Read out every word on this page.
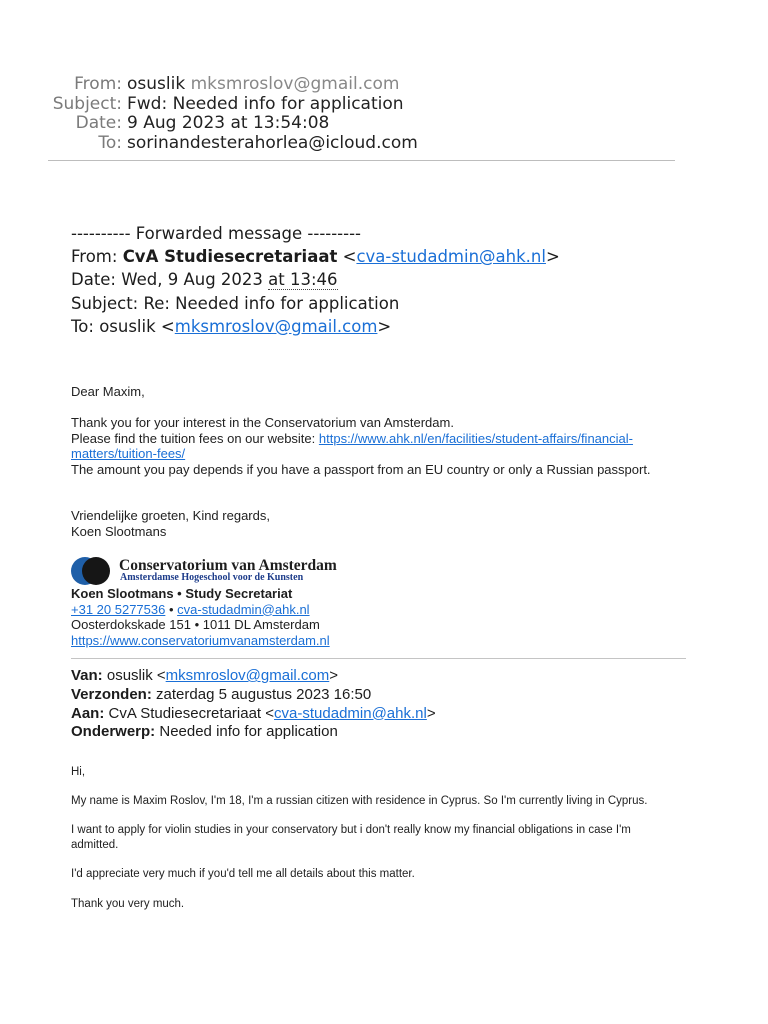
From: osuslik mksmroslov@gmail.com
Subject: Fwd: Needed info for application
Date: 9 Aug 2023 at 13:54:08
To: sorinandesterahorlea@icloud.com
---------- Forwarded message ---------
From: CvA Studiesecretariaat <cva-studadmin@ahk.nl>
Date: Wed, 9 Aug 2023 at 13:46
Subject: Re: Needed info for application
To: osuslik <mksmroslov@gmail.com>
Dear Maxim,
Thank you for your interest in the Conservatorium van Amsterdam.
Please find the tuition fees on our website: https://www.ahk.nl/en/facilities/student-affairs/financial-
matters/tuition-fees/
The amount you pay depends if you have a passport from an EU country or only a Russian passport.
Vriendelijke groeten, Kind regards,
Koen Slootmans
Conservatorium van Amsterdam
Amsterdamse Hogeschool voor de Kunsten
Koen Slootmans • Study Secretariat
+31 20 5277536 • cva-studadmin@ahk.nl
Oosterdokskade 151 • 1011 DL Amsterdam
https://www.conservatoriumvanamsterdam.nl
Van: osuslik <mksmroslov@gmail.com>
Verzonden: zaterdag 5 augustus 2023 16:50
Aan: CvA Studiesecretariaat <cva-studadmin@ahk.nl>
Onderwerp: Needed info for application
Hi,
My name is Maxim Roslov, I'm 18, I'm a russian citizen with residence in Cyprus. So I'm currently living in Cyprus.
I want to apply for violin studies in your conservatory but i don't really know my financial obligations in case I'm
admitted.
I'd appreciate very much if you'd tell me all details about this matter.
Thank you very much.
